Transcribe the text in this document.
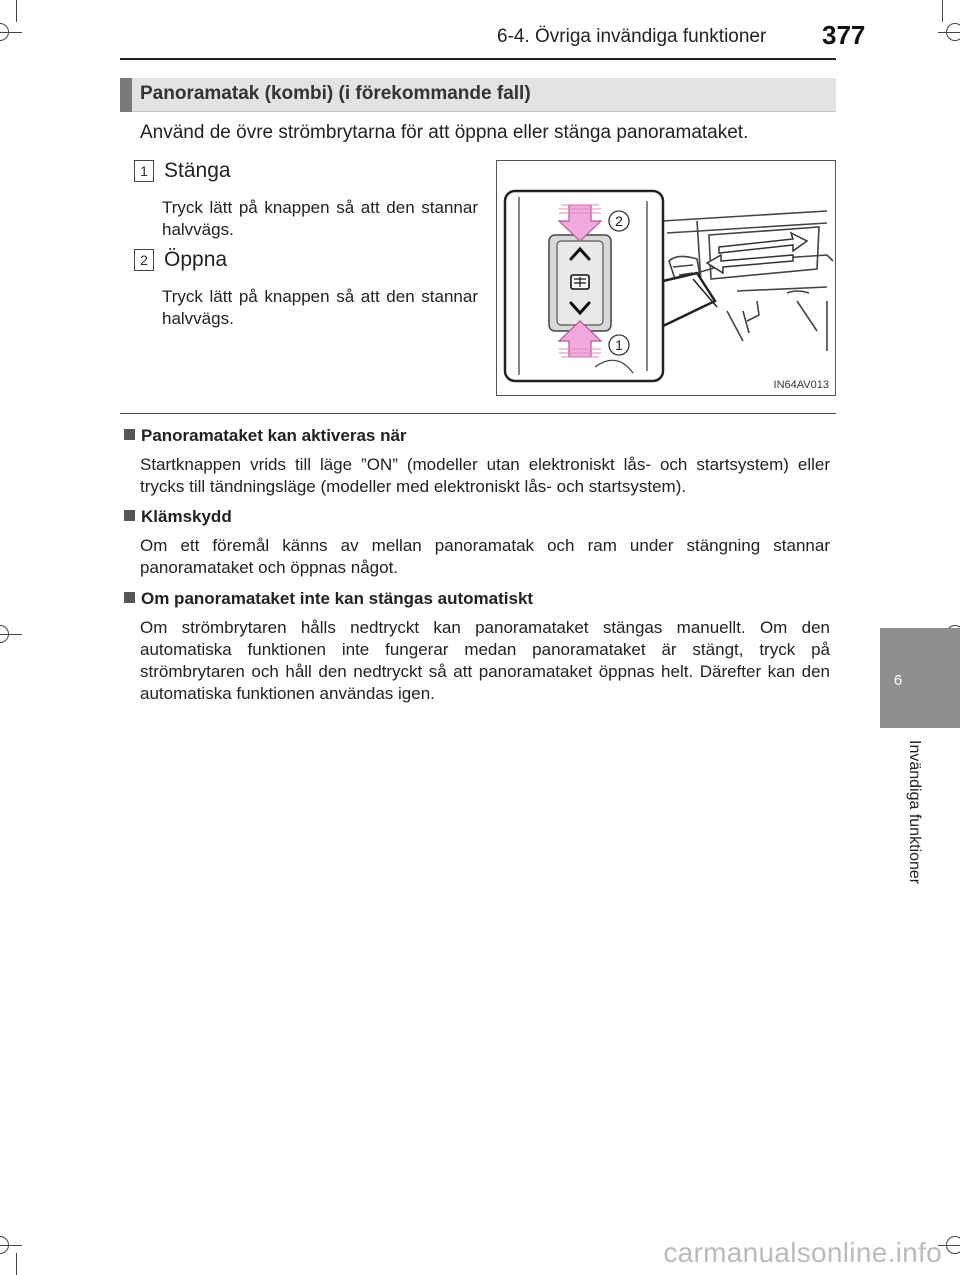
6-4. Övriga invändiga funktioner 377
Panoramatak (kombi) (i förekommande fall)
Använd de övre strömbrytarna för att öppna eller stänga panoramataket.
1 Stänga
Tryck lätt på knappen så att den stannar halvvägs.
2 Öppna
Tryck lätt på knappen så att den stannar halvvägs.
2
1
IN64AV013
Panoramataket kan aktiveras när
Startknappen vrids till läge ”ON” (modeller utan elektroniskt lås- och startsystem) eller trycks till tändningsläge (modeller med elektroniskt lås- och startsystem).
Klämskydd
Om ett föremål känns av mellan panoramatak och ram under stängning stannar panoramataket och öppnas något.
Om panoramataket inte kan stängas automatiskt
Om strömbrytaren hålls nedtryckt kan panoramataket stängas manuellt. Om den automatiska funktionen inte fungerar medan panoramataket är stängt, tryck på strömbrytaren och håll den nedtryckt så att panoramataket öppnas helt. Därefter kan den automatiska funktionen användas igen.
6
Invändiga funktioner
carmanualsonline.info
